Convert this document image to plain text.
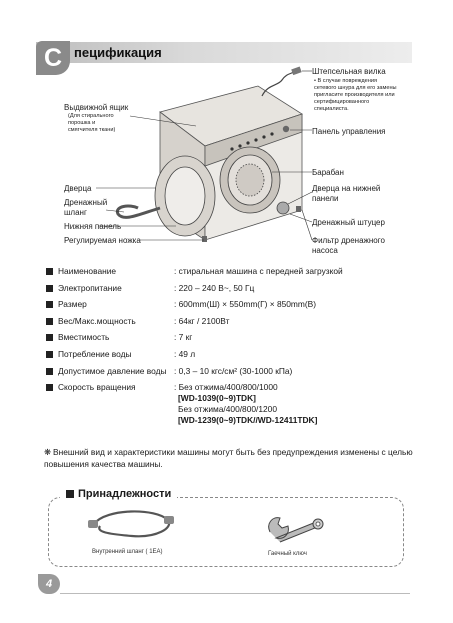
С пецификация
Штепсельная вилка
• В случае повреждения
сетевого шнура для его замены
пригласите производителя или
сертифицированного
специалиста.
Выдвижной ящик
(Для стирального
порошка и
смягчителя ткани)	Панель управления
Барабан
Дверца
Дренажный
шланг
Дверца на нижней
панели
Дренажный штуцер
Нижняя панель
Регулируемая ножка	Фильтр дренажного
насоса
Наименование	: стиральная машина с передней загрузкой
Электропитание	: 220 – 240 В~, 50 Гц
Размер	: 600mm(Ш) × 550mm(Г) × 850mm(В)
Вес/Макс.мощность	: 64кг / 2100Вт
Вместимость	: 7 кг
Потребление воды	: 49 л
Допустимое давление воды : 0,3 – 10 кгс/см² (30-1000 кПа)
Скорость вращения	: Без отжима/400/800/1000
[WD-1039(0~9)TDK]
Без отжима/400/800/1200
[WD-1239(0~9)TDK//WD-12411TDK]
❋ Внешний вид и характеристики машины могут быть без предупреждения изменены с целью повышения качества машины.
Принадлежности
Внутренний шланг ( 1ЕА)	Гаечный ключ
4
